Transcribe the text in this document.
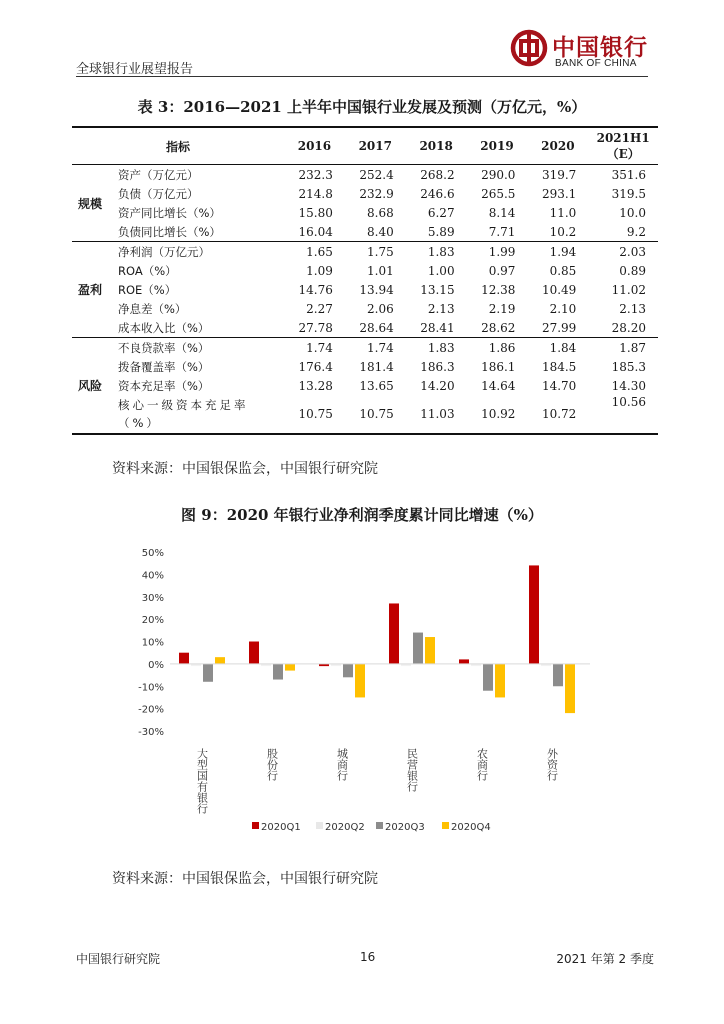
全球银行业展望报告
中国银行
BANK OF CHINA
表 3：2016—2021 上半年中国银行业发展及预测（万亿元，%）
指标		2016	2017	2018	2019	2020	2021H1
（E）

规模	资产（万亿元）	232.3	252.4	268.2	290.0	319.7	351.6
	负债（万亿元）	214.8	232.9	246.6	265.5	293.1	319.5
	资产同比增长（%）	15.80	8.68	6.27	8.14	11.0	10.0
	负债同比增长（%）	16.04	8.40	5.89	7.71	10.2	9.2
盈利	净利润（万亿元）	1.65	1.75	1.83	1.99	1.94	2.03
	ROA（%）	1.09	1.01	1.00	0.97	0.85	0.89
	ROE（%）	14.76	13.94	13.15	12.38	10.49	11.02
	净息差（%）	2.27	2.06	2.13	2.19	2.10	2.13
	成本收入比（%）	27.78	28.64	28.41	28.62	27.99	28.20
风险	不良贷款率（%）	1.74	1.74	1.83	1.86	1.84	1.87
	拨备覆盖率（%）	176.4	181.4	186.3	186.1	184.5	185.3
	资本充足率（%）	13.28	13.65	14.20	14.64	14.70	14.30
	核心一级资本充足率（%）	10.75	10.75	11.03	10.92	10.72	10.56
资料来源：中国银保监会，中国银行研究院
图 9：2020 年银行业净利润季度累计同比增速（%）
50%
40%
30%
20%
10%
0%
-10%
-20%
-30%
大型国有银行	股份行	城商行	民营银行	农商行	外资行
2020Q1 2020Q2 2020Q3	2020Q4
资料来源：中国银保监会，中国银行研究院
中国银行研究院	16	2021 年第 2 季度
